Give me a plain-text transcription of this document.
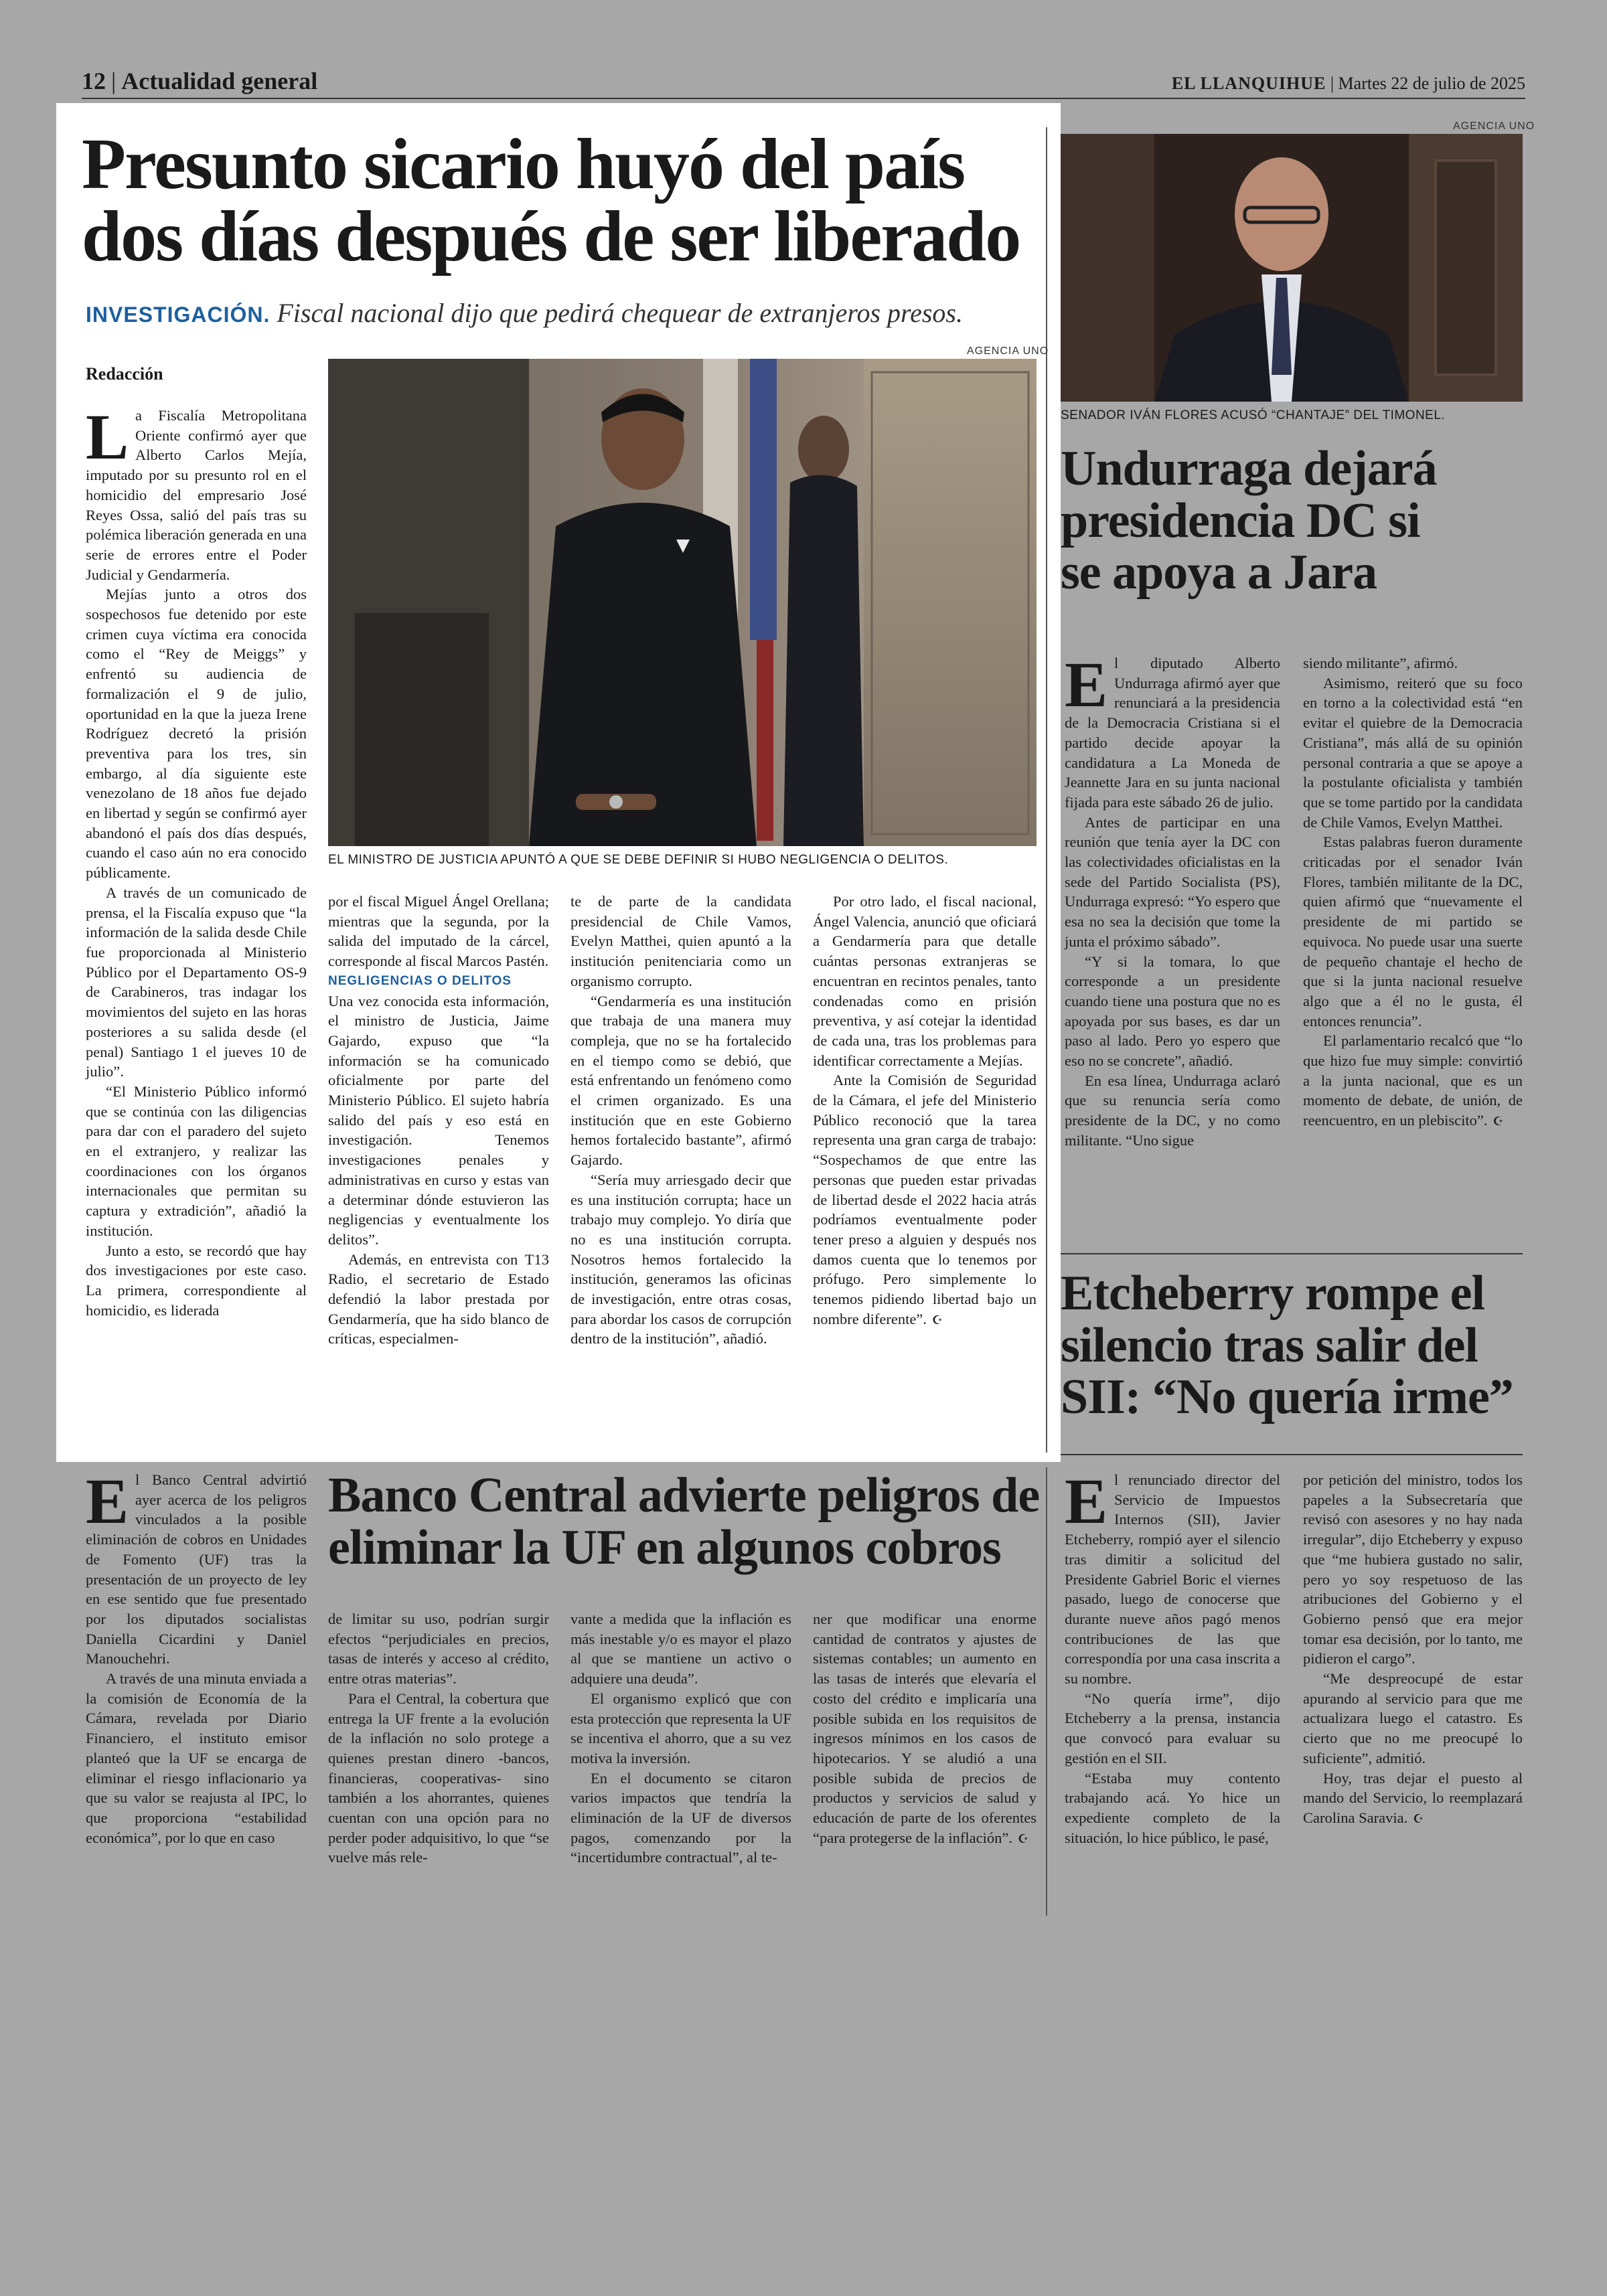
12 | Actualidad general	EL LLANQUIHUE | Martes 22 de julio de 2025
Presunto sicario huyó del país
dos días después de ser liberado
INVESTIGACIÓN. Fiscal nacional dijo que pedirá chequear de extranjeros presos.
Redacción
AGENCIA UNO
EL MINISTRO DE JUSTICIA APUNTÓ A QUE SE DEBE DEFINIR SI HUBO NEGLIGENCIA O DELITOS.

La Fiscalía Metropolitana Oriente confirmó ayer que Alberto Carlos Mejía, imputado por su presunto rol en el homicidio del empresario José Reyes Ossa, salió del país tras su polémica liberación generada en una serie de errores entre el Poder Judicial y Gendarmería.

Mejías junto a otros dos sospechosos fue detenido por este crimen cuya víctima era conocida como el “Rey de Meiggs” y enfrentó su audiencia de formalización el 9 de julio, oportunidad en la que la jueza Irene Rodríguez decretó la prisión preventiva para los tres, sin embargo, al día siguiente este venezolano de 18 años fue dejado en libertad y según se confirmó ayer abandonó el país dos días después, cuando el caso aún no era conocido públicamente.

A través de un comunicado de prensa, el la Fiscalía expuso que “la información de la salida desde Chile fue proporcionada al Ministerio Público por el Departamento OS-9 de Carabineros, tras indagar los movimientos del sujeto en las horas posteriores a su salida desde (el penal) Santiago 1 el jueves 10 de julio”.

“El Ministerio Público informó que se continúa con las diligencias para dar con el paradero del sujeto en el extranjero, y realizar las coordinaciones con los órganos internacionales que permitan su captura y extradición”, añadió la institución.

Junto a esto, se recordó que hay dos investigaciones por este caso. La primera, correspondiente al homicidio, es liderada

por el fiscal Miguel Ángel Orellana; mientras que la segunda, por la salida del imputado de la cárcel, corresponde al fiscal Marcos Pastén.

NEGLIGENCIAS O DELITOS

Una vez conocida esta información, el ministro de Justicia, Jaime Gajardo, expuso que “la información se ha comunicado oficialmente por parte del Ministerio Público. El sujeto habría salido del país y eso está en investigación. Tenemos investigaciones penales y administrativas en curso y estas van a determinar dónde estuvieron las negligencias y eventualmente los delitos”.

Además, en entrevista con T13 Radio, el secretario de Estado defendió la labor prestada por Gendarmería, que ha sido blanco de críticas, especialmen-

te de parte de la candidata presidencial de Chile Vamos, Evelyn Matthei, quien apuntó a la institución penitenciaria como un organismo corrupto.

“Gendarmería es una institución que trabaja de una manera muy compleja, que no se ha fortalecido en el tiempo como se debió, que está enfrentando un fenómeno como el crimen organizado. Es una institución que en este Gobierno hemos fortalecido bastante”, afirmó Gajardo.

“Sería muy arriesgado decir que es una institución corrupta; hace un trabajo muy complejo. Yo diría que no es una institución corrupta. Nosotros hemos fortalecido la institución, generamos las oficinas de investigación, entre otras cosas, para abordar los casos de corrupción dentro de la institución”, añadió.

Por otro lado, el fiscal nacional, Ángel Valencia, anunció que oficiará a Gendarmería para que detalle cuántas personas extranjeras se encuentran en recintos penales, tanto condenadas como en prisión preventiva, y así cotejar la identidad de cada una, tras los problemas para identificar correctamente a Mejías.

Ante la Comisión de Seguridad de la Cámara, el jefe del Ministerio Público reconoció que la tarea representa una gran carga de trabajo: “Sospechamos de que entre las personas que pueden estar privadas de libertad desde el 2022 hacia atrás podríamos eventualmente poder tener preso a alguien y después nos damos cuenta que lo tenemos por prófugo. Pero simplemente lo tenemos pidiendo libertad bajo un nombre diferente”. ☪

AGENCIA UNO
SENADOR IVÁN FLORES ACUSÓ “CHANTAJE” DEL TIMONEL.
Undurraga dejará
presidencia DC si
se apoya a Jara

El diputado Alberto Undurraga afirmó ayer que renunciará a la presidencia de la Democracia Cristiana si el partido decide apoyar la candidatura a La Moneda de Jeannette Jara en su junta nacional fijada para este sábado 26 de julio.

Antes de participar en una reunión que tenía ayer la DC con las colectividades oficialistas en la sede del Partido Socialista (PS), Undurraga expresó: “Yo espero que esa no sea la decisión que tome la junta el próximo sábado”.

“Y si la tomara, lo que corresponde a un presidente cuando tiene una postura que no es apoyada por sus bases, es dar un paso al lado. Pero yo espero que eso no se concrete”, añadió.

En esa línea, Undurraga aclaró que su renuncia sería como presidente de la DC, y no como militante. “Uno sigue

siendo militante”, afirmó.

Asimismo, reiteró que su foco en torno a la colectividad está “en evitar el quiebre de la Democracia Cristiana”, más allá de su opinión personal contraria a que se apoye a la postulante oficialista y también que se tome partido por la candidata de Chile Vamos, Evelyn Matthei.

Estas palabras fueron duramente criticadas por el senador Iván Flores, también militante de la DC, quien afirmó que “nuevamente el presidente de mi partido se equivoca. No puede usar una suerte de pequeño chantaje el hecho de que si la junta nacional resuelve algo que a él no le gusta, él entonces renuncia”.

El parlamentario recalcó que “lo que hizo fue muy simple: convirtió a la junta nacional, que es un momento de debate, de unión, de reencuentro, en un plebiscito”. ☪

Etcheberry rompe el
silencio tras salir del
SII: “No quería irme”

El renunciado director del Servicio de Impuestos Internos (SII), Javier Etcheberry, rompió ayer el silencio tras dimitir a solicitud del Presidente Gabriel Boric el viernes pasado, luego de conocerse que durante nueve años pagó menos contribuciones de las que correspondía por una casa inscrita a su nombre.

“No quería irme”, dijo Etcheberry a la prensa, instancia que convocó para evaluar su gestión en el SII.

“Estaba muy contento trabajando acá. Yo hice un expediente completo de la situación, lo hice público, le pasé,

por petición del ministro, todos los papeles a la Subsecretaría que revisó con asesores y no hay nada irregular”, dijo Etcheberry y expuso que “me hubiera gustado no salir, pero yo soy respetuoso de las atribuciones del Gobierno y el Gobierno pensó que era mejor tomar esa decisión, por lo tanto, me pidieron el cargo”.

“Me despreocupé de estar apurando al servicio para que me actualizara luego el catastro. Es cierto que no me preocupé lo suficiente”, admitió.

Hoy, tras dejar el puesto al mando del Servicio, lo reemplazará Carolina Saravia. ☪

El Banco Central advirtió ayer acerca de los peligros vinculados a la posible eliminación de cobros en Unidades de Fomento (UF) tras la presentación de un proyecto de ley en ese sentido que fue presentado por los diputados socialistas Daniella Cicardini y Daniel Manouchehri.

A través de una minuta enviada a la comisión de Economía de la Cámara, revelada por Diario Financiero, el instituto emisor planteó que la UF se encarga de eliminar el riesgo inflacionario ya que su valor se reajusta al IPC, lo que proporciona “estabilidad económica”, por lo que en caso

Banco Central advierte peligros de
eliminar la UF en algunos cobros

de limitar su uso, podrían surgir efectos “perjudiciales en precios, tasas de interés y acceso al crédito, entre otras materias”.

Para el Central, la cobertura que entrega la UF frente a la evolución de la inflación no solo protege a quienes prestan dinero -bancos, financieras, cooperativas- sino también a los ahorrantes, quienes cuentan con una opción para no perder poder adquisitivo, lo que “se vuelve más rele-

vante a medida que la inflación es más inestable y/o es mayor el plazo al que se mantiene un activo o adquiere una deuda”.

El organismo explicó que con esta protección que representa la UF se incentiva el ahorro, que a su vez motiva la inversión.

En el documento se citaron varios impactos que tendría la eliminación de la UF de diversos pagos, comenzando por la “incertidumbre contractual”, al te-

ner que modificar una enorme cantidad de contratos y ajustes de sistemas contables; un aumento en las tasas de interés que elevaría el costo del crédito e implicaría una posible subida en los requisitos de ingresos mínimos en los casos de hipotecarios. Y se aludió a una posible subida de precios de productos y servicios de salud y educación de parte de los oferentes “para protegerse de la inflación”. ☪
